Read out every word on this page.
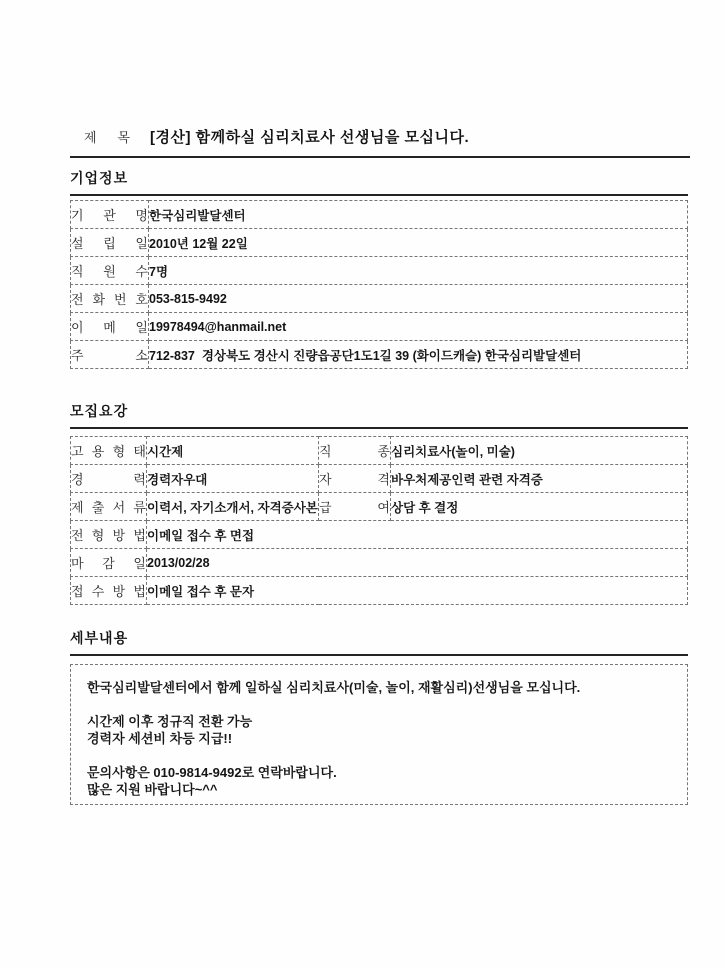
제 목 [경산] 함께하실 심리치료사 선생님을 모십니다.
기업정보
기 관 명	한국심리발달센터
설 립 일	2010년 12월 22일
직 원 수	7명
전 화 번 호	053-815-9492
이 메 일	19978494@hanmail.net
주 소	712-837  경상북도 경산시 진량읍공단1도1길 39 (화이드캐슬) 한국심리발달센터
모집요강
고 용 형 태	시간제	직 종	심리치료사(놀이, 미술)
경 력	경력자우대	자 격	바우처제공인력 관련 자격증
제 출 서 류	이력서, 자기소개서, 자격증사본	급 여	상담 후 결정
전 형 방 법	이메일 접수 후 면접		
마 감 일	2013/02/28		
접 수 방 법	이메일 접수 후 문자		
세부내용

한국심리발달센터에서 함께 일하실 심리치료사(미술, 놀이, 재활심리)선생님을 모십니다.

시간제 이후 정규직 전환 가능

경력자 세션비 차등 지급!!

문의사항은 010-9814-9492로 연락바랍니다.

많은 지원 바랍니다~^^
